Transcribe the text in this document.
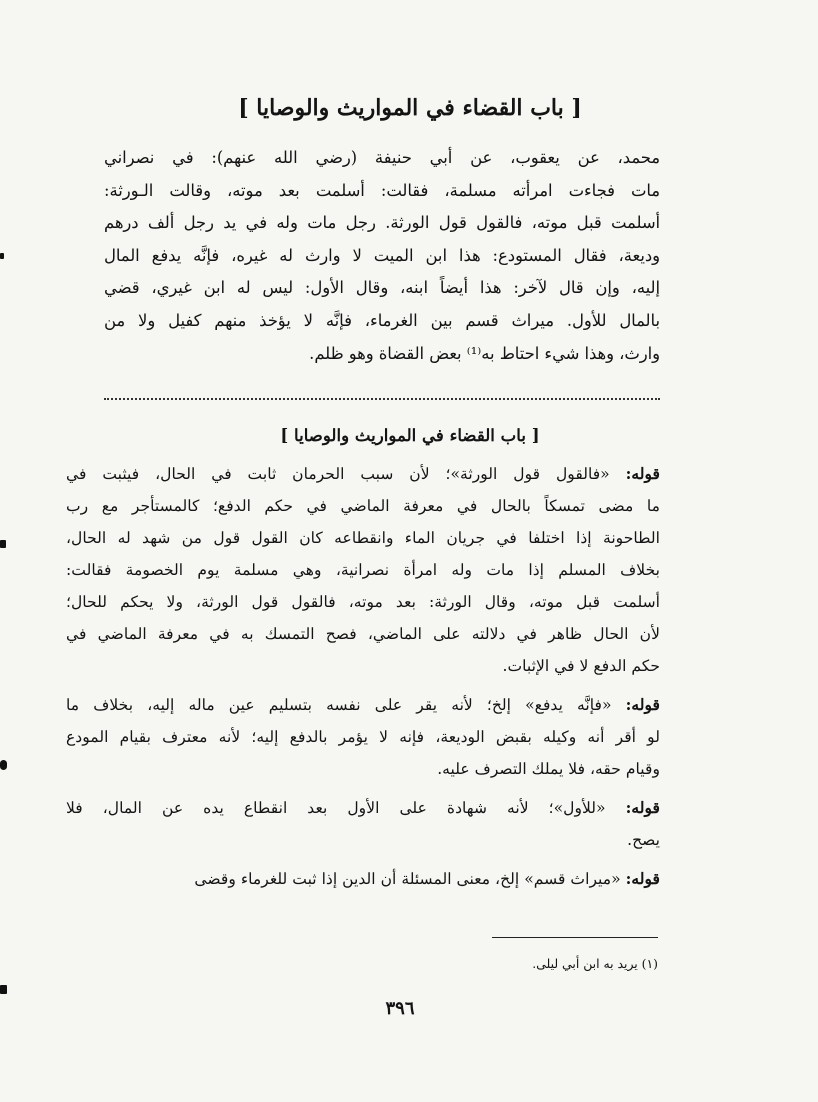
[ باب القضاء في المواريث والوصايا ]
محمد، عن يعقوب، عن أبي حنيفة (رضي الله عنهم): في نصراني
مات فجاءت امرأته مسلمة، فقالت: أسلمت بعد موته، وقالت الـورثة:
أسلمت قبل موته، فالقول قول الورثة. رجل مات وله في يد رجل ألف درهم
وديعة، فقال المستودع: هذا ابن الميت لا وارث له غيره، فإنَّه يدفع المال
إليه، وإن قال لآخر: هذا أيضاً ابنه، وقال الأول: ليس له ابن غيري، قضي
بالمال للأول. ميراث قسم بين الغرماء، فإنَّه لا يؤخذ منهم كفيل ولا من
وارث، وهذا شيء احتاط به⁽¹⁾ بعض القضاة وهو ظلم.
[ باب القضاء في المواريث والوصايا ]
قوله: «فالقول قول الورثة»؛ لأن سبب الحرمان ثابت في الحال، فيثبت في
ما مضى تمسكاً بالحال في معرفة الماضي في حكم الدفع؛ كالمستأجر مع رب
الطاحونة إذا اختلفا في جريان الماء وانقطاعه كان القول قول من شهد له الحال،
بخلاف المسلم إذا مات وله امرأة نصرانية، وهي مسلمة يوم الخصومة فقالت:
أسلمت قبل موته، وقال الورثة: بعد موته، فالقول قول الورثة، ولا يحكم للحال؛
لأن الحال ظاهر في دلالته على الماضي، فصح التمسك به في معرفة الماضي في
حكم الدفع لا في الإثبات.
قوله: «فإنَّه يدفع» إلخ؛ لأنه يقر على نفسه بتسليم عين ماله إليه، بخلاف ما
لو أقر أنه وكيله بقبض الوديعة، فإنه لا يؤمر بالدفع إليه؛ لأنه معترف بقيام المودع
وقيام حقه، فلا يملك التصرف عليه.
قوله: «للأول»؛ لأنه شهادة على الأول بعد انقطاع يده عن المال، فلا
يصح.
قوله: «ميراث قسم» إلخ، معنى المسئلة أن الدين إذا ثبت للغرماء وقضى
(١) يريد به ابن أبي ليلى.
٣٩٦
